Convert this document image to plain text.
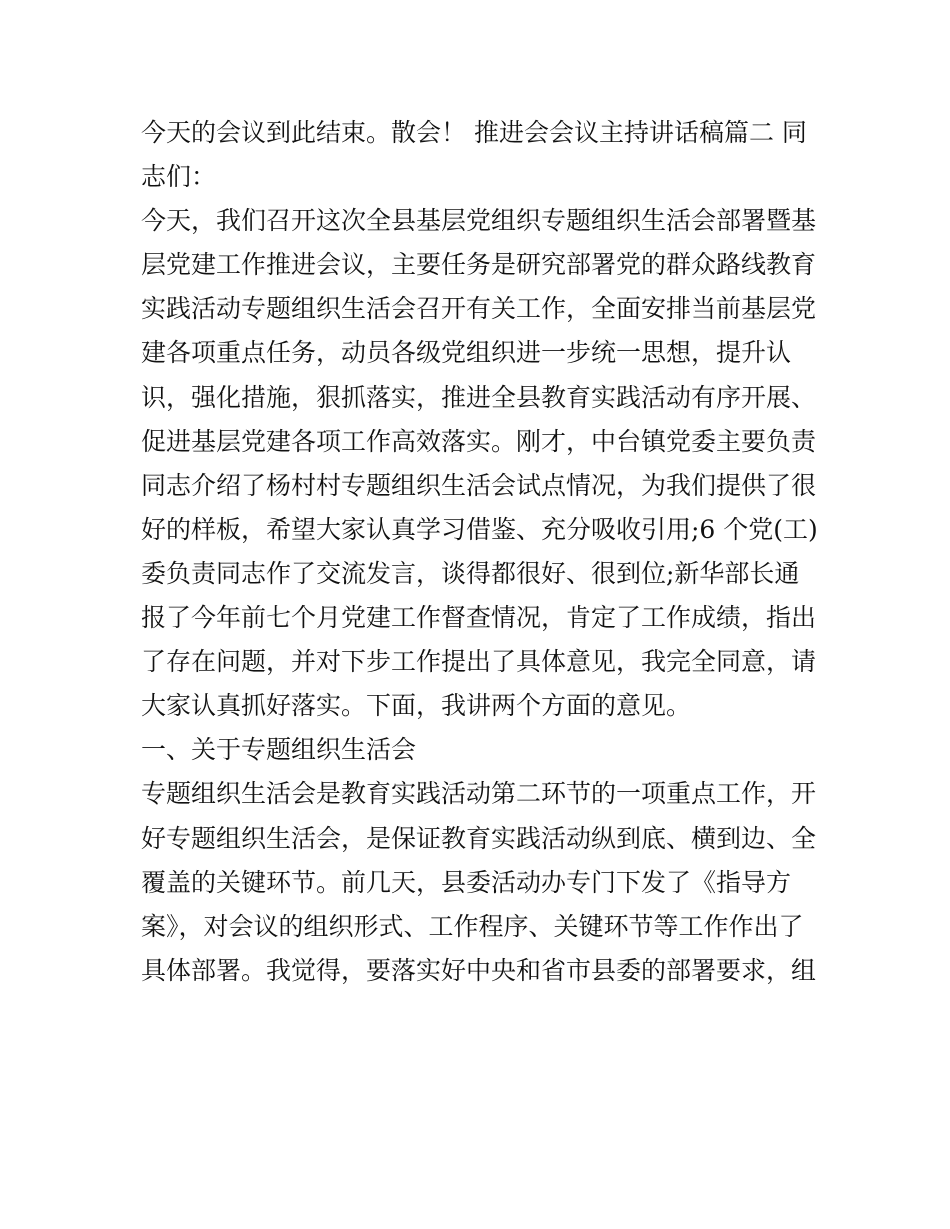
今天的会议到此结束。散会！ 推进会会议主持讲话稿篇二 同
志们：
今天，我们召开这次全县基层党组织专题组织生活会部署暨基
层党建工作推进会议，主要任务是研究部署党的群众路线教育
实践活动专题组织生活会召开有关工作，全面安排当前基层党
建各项重点任务，动员各级党组织进一步统一思想，提升认
识，强化措施，狠抓落实，推进全县教育实践活动有序开展、
促进基层党建各项工作高效落实。刚才，中台镇党委主要负责
同志介绍了杨村村专题组织生活会试点情况，为我们提供了很
好的样板，希望大家认真学习借鉴、充分吸收引用;6 个党(工)
委负责同志作了交流发言，谈得都很好、很到位;新华部长通
报了今年前七个月党建工作督查情况，肯定了工作成绩，指出
了存在问题，并对下步工作提出了具体意见，我完全同意，请
大家认真抓好落实。下面，我讲两个方面的意见。
一、关于专题组织生活会
专题组织生活会是教育实践活动第二环节的一项重点工作，开
好专题组织生活会，是保证教育实践活动纵到底、横到边、全
覆盖的关键环节。前几天，县委活动办专门下发了《指导方
案》，对会议的组织形式、工作程序、关键环节等工作作出了
具体部署。我觉得，要落实好中央和省市县委的部署要求，组
